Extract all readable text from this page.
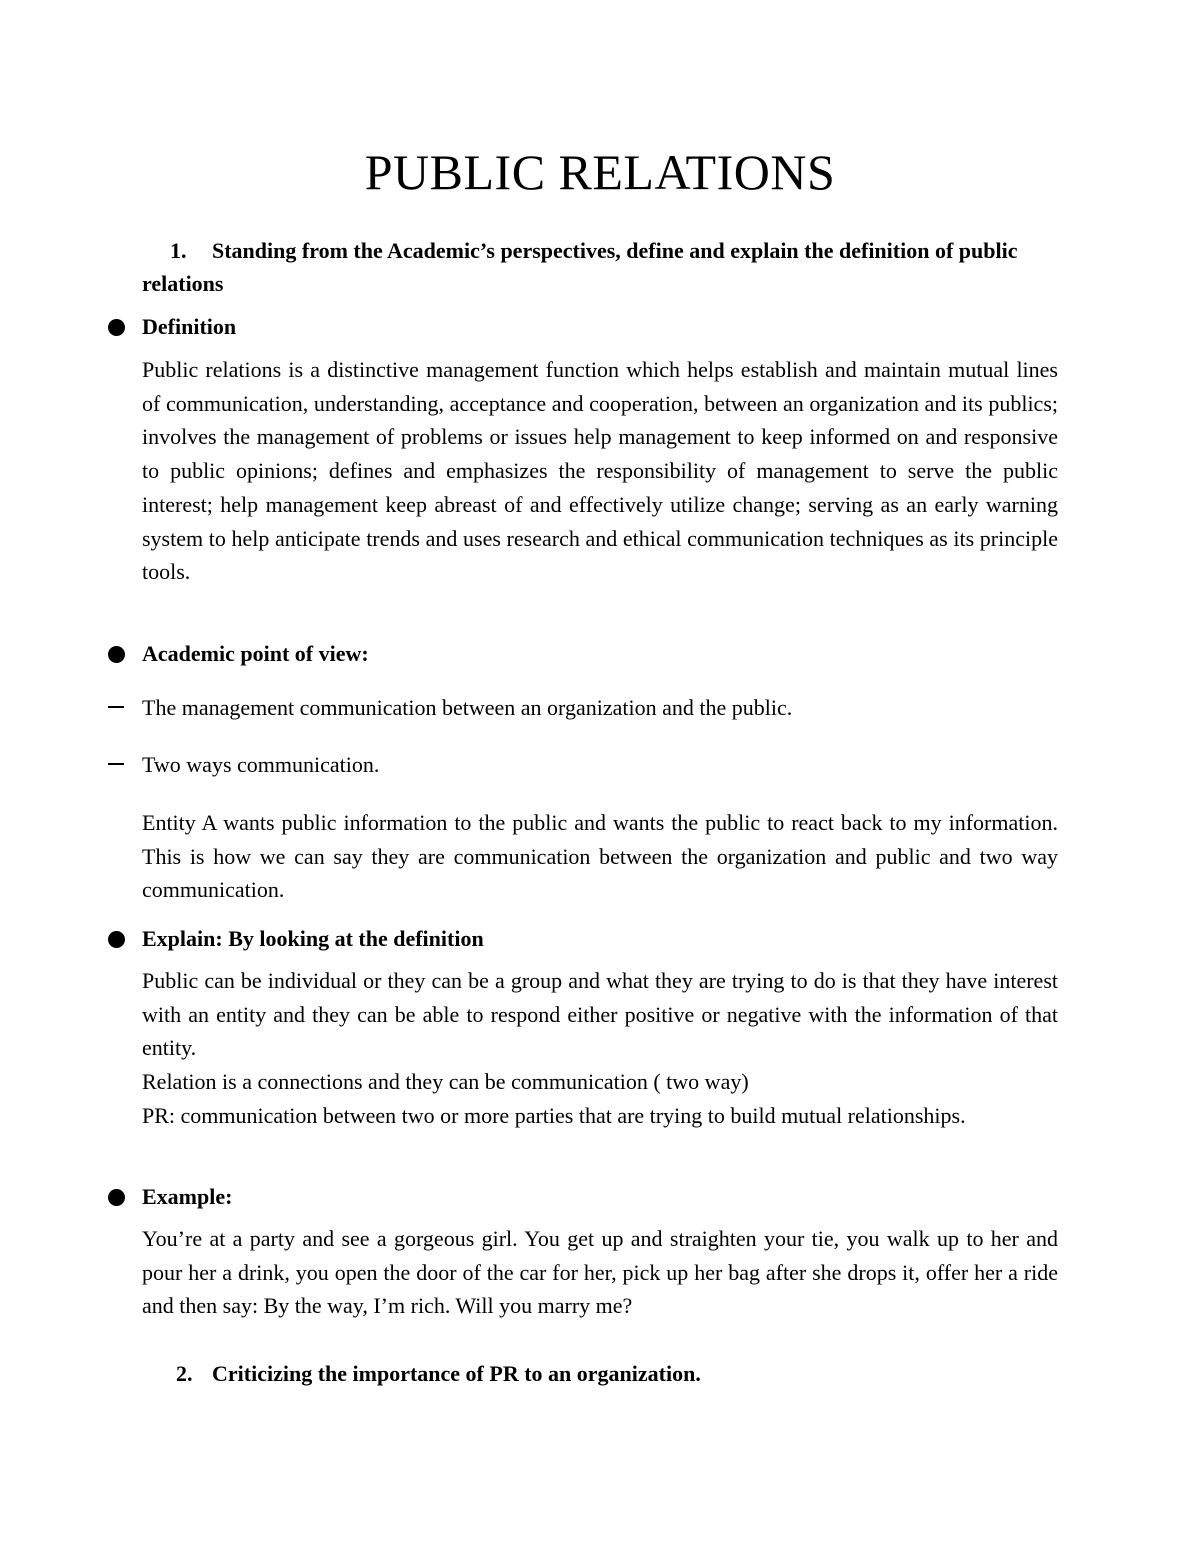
PUBLIC RELATIONS
1. Standing from the Academic’s perspectives, define and explain the definition of public relations
Definition

Public relations is a distinctive management function which helps establish and maintain mutual lines of communication, understanding, acceptance and cooperation, between an organization and its publics; involves the management of problems or issues help management to keep informed on and responsive to public opinions; defines and emphasizes the responsibility of management to serve the public interest; help management keep abreast of and effectively utilize change; serving as an early warning system to help anticipate trends and uses research and ethical communication techniques as its principle tools.

Academic point of view:
The management communication between an organization and the public.
Two ways communication.

Entity A wants public information to the public and wants the public to react back to my information. This is how we can say they are communication between the organization and public and two way communication.

Explain: By looking at the definition

Public can be individual or they can be a group and what they are trying to do is that they have interest with an entity and they can be able to respond either positive or negative with the information of that entity.

Relation is a connections and they can be communication ( two way)

PR: communication between two or more parties that are trying to build mutual relationships.

Example:

You’re at a party and see a gorgeous girl. You get up and straighten your tie, you walk up to her and pour her a drink, you open the door of the car for her, pick up her bag after she drops it, offer her a ride and then say: By the way, I’m rich. Will you marry me?

2. Criticizing the importance of PR to an organization.
